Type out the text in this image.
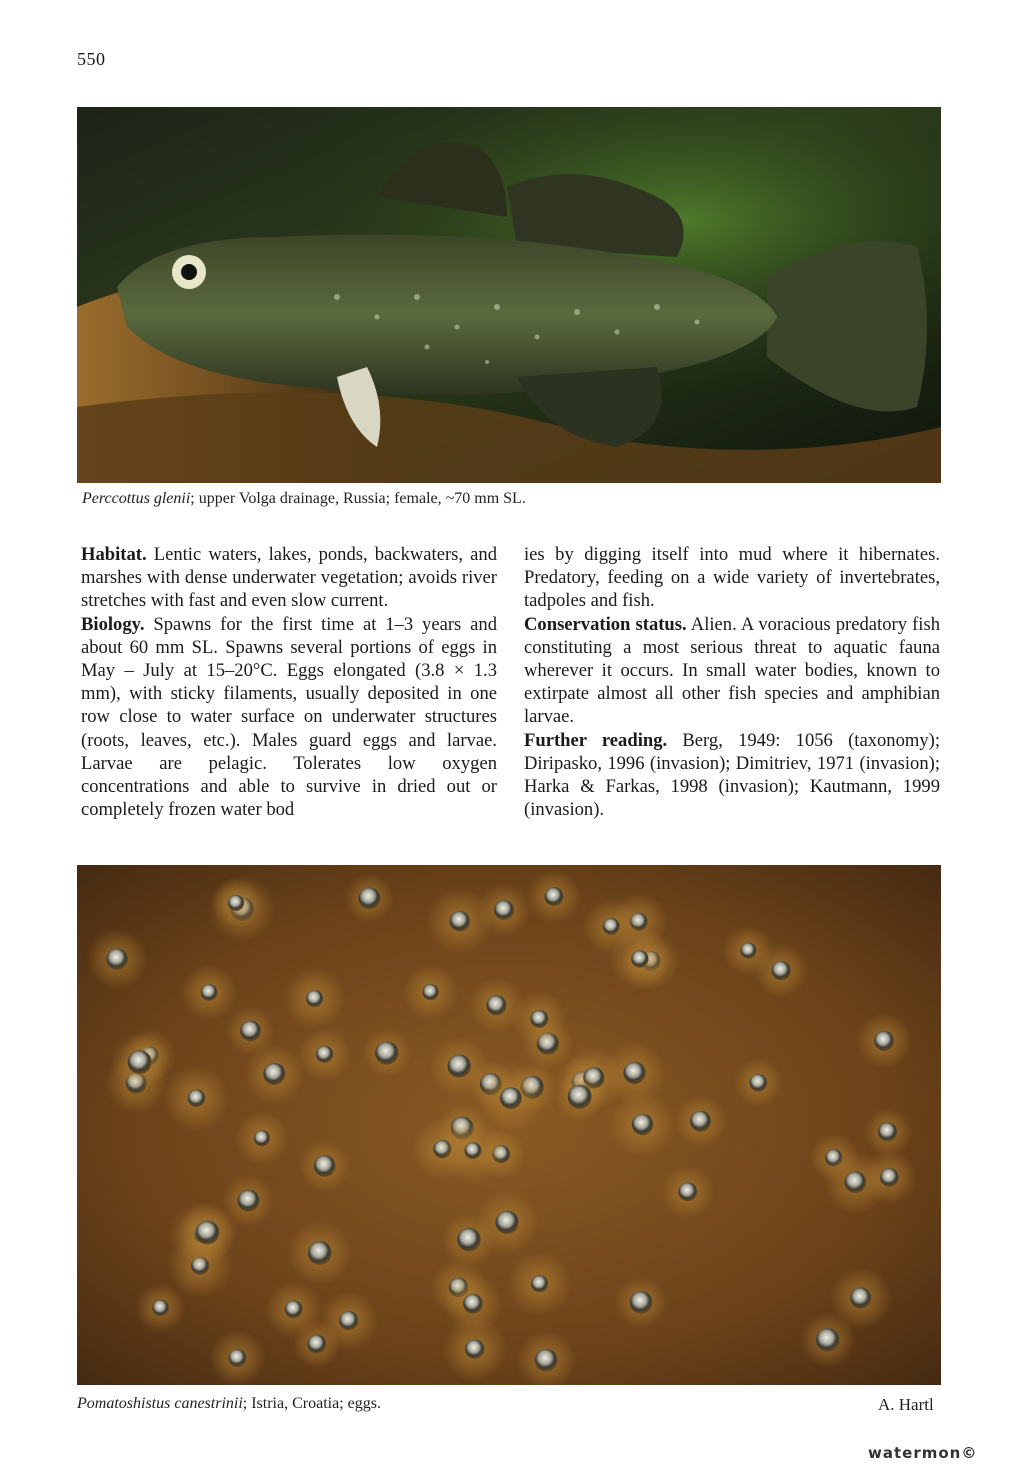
550
Perccottus glenii; upper Volga drainage, Russia; female, ~70 mm SL.

Habitat. Lentic waters, lakes, ponds, backwaters, and marshes with dense underwater vegetation; avoids river stretches with fast and even slow current.

Biology. Spawns for the first time at 1–3 years and about 60 mm SL. Spawns several portions of eggs in May – July at 15–20°C. Eggs elongated (3.8 × 1.3 mm), with sticky filaments, usually deposited in one row close to water surface on underwater structures (roots, leaves, etc.). Males guard eggs and larvae. Larvae are pelagic. Tolerates low oxygen concentrations and able to survive in dried out or completely frozen water bod

ies by digging itself into mud where it hibernates. Predatory, feeding on a wide variety of invertebrates, tadpoles and fish.

Conservation status. Alien. A voracious predatory fish constituting a most serious threat to aquatic fauna wherever it occurs. In small water bodies, known to extirpate almost all other fish species and amphibian larvae.

Further reading. Berg, 1949: 1056 (taxonomy); Diripasko, 1996 (invasion); Dimitriev, 1971 (invasion); Harka & Farkas, 1998 (invasion); Kautmann, 1999 (invasion).

Pomatoshistus canestrinii; Istria, Croatia; eggs.	A. Hartl
watermon©
